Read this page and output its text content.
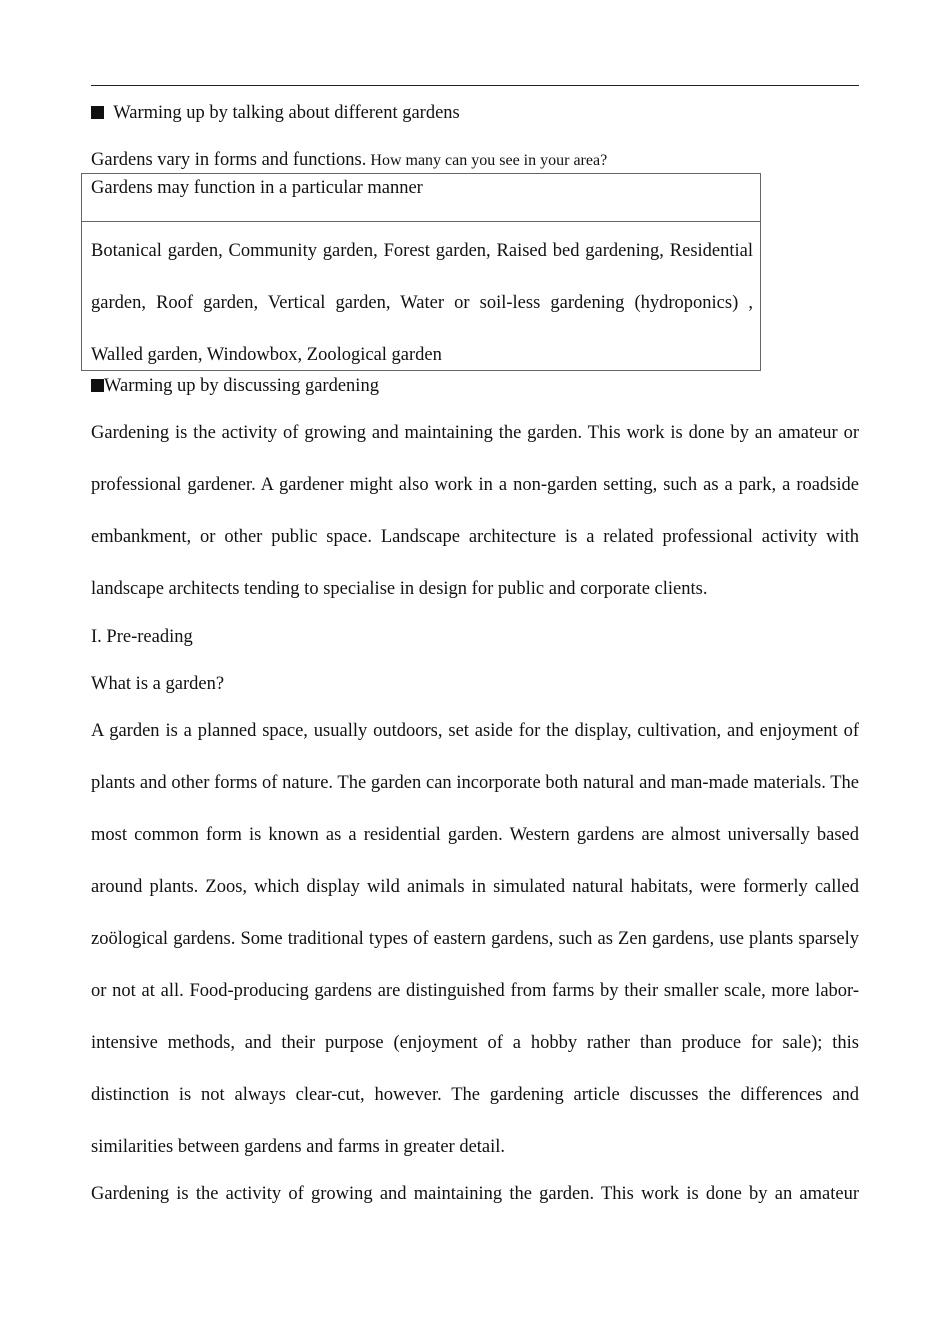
Warming up by talking about different gardens
Gardens vary in forms and functions. How many can you see in your area?
Gardens may function in a particular manner
Botanical garden, Community garden, Forest garden, Raised bed gardening, Residential garden, Roof garden, Vertical garden, Water or soil-less gardening (hydroponics) , Walled garden, Windowbox, Zoological garden
Warming up by discussing gardening
Gardening is the activity of growing and maintaining the garden. This work is done by an amateur or professional gardener. A gardener might also work in a non-garden setting, such as a park, a roadside embankment, or other public space. Landscape architecture is a related professional activity with landscape architects tending to specialise in design for public and corporate clients.
I. Pre-reading
What is a garden?
A garden is a planned space, usually outdoors, set aside for the display, cultivation, and enjoyment of plants and other forms of nature. The garden can incorporate both natural and man-made materials. The most common form is known as a residential garden. Western gardens are almost universally based around plants. Zoos, which display wild animals in simulated natural habitats, were formerly called zoölogical gardens. Some traditional types of eastern gardens, such as Zen gardens, use plants sparsely or not at all. Food-producing gardens are distinguished from farms by their smaller scale, more labor-intensive methods, and their purpose (enjoyment of a hobby rather than produce for sale); this distinction is not always clear-cut, however. The gardening article discusses the differences and similarities between gardens and farms in greater detail.
Gardening is the activity of growing and maintaining the garden. This work is done by an amateur
